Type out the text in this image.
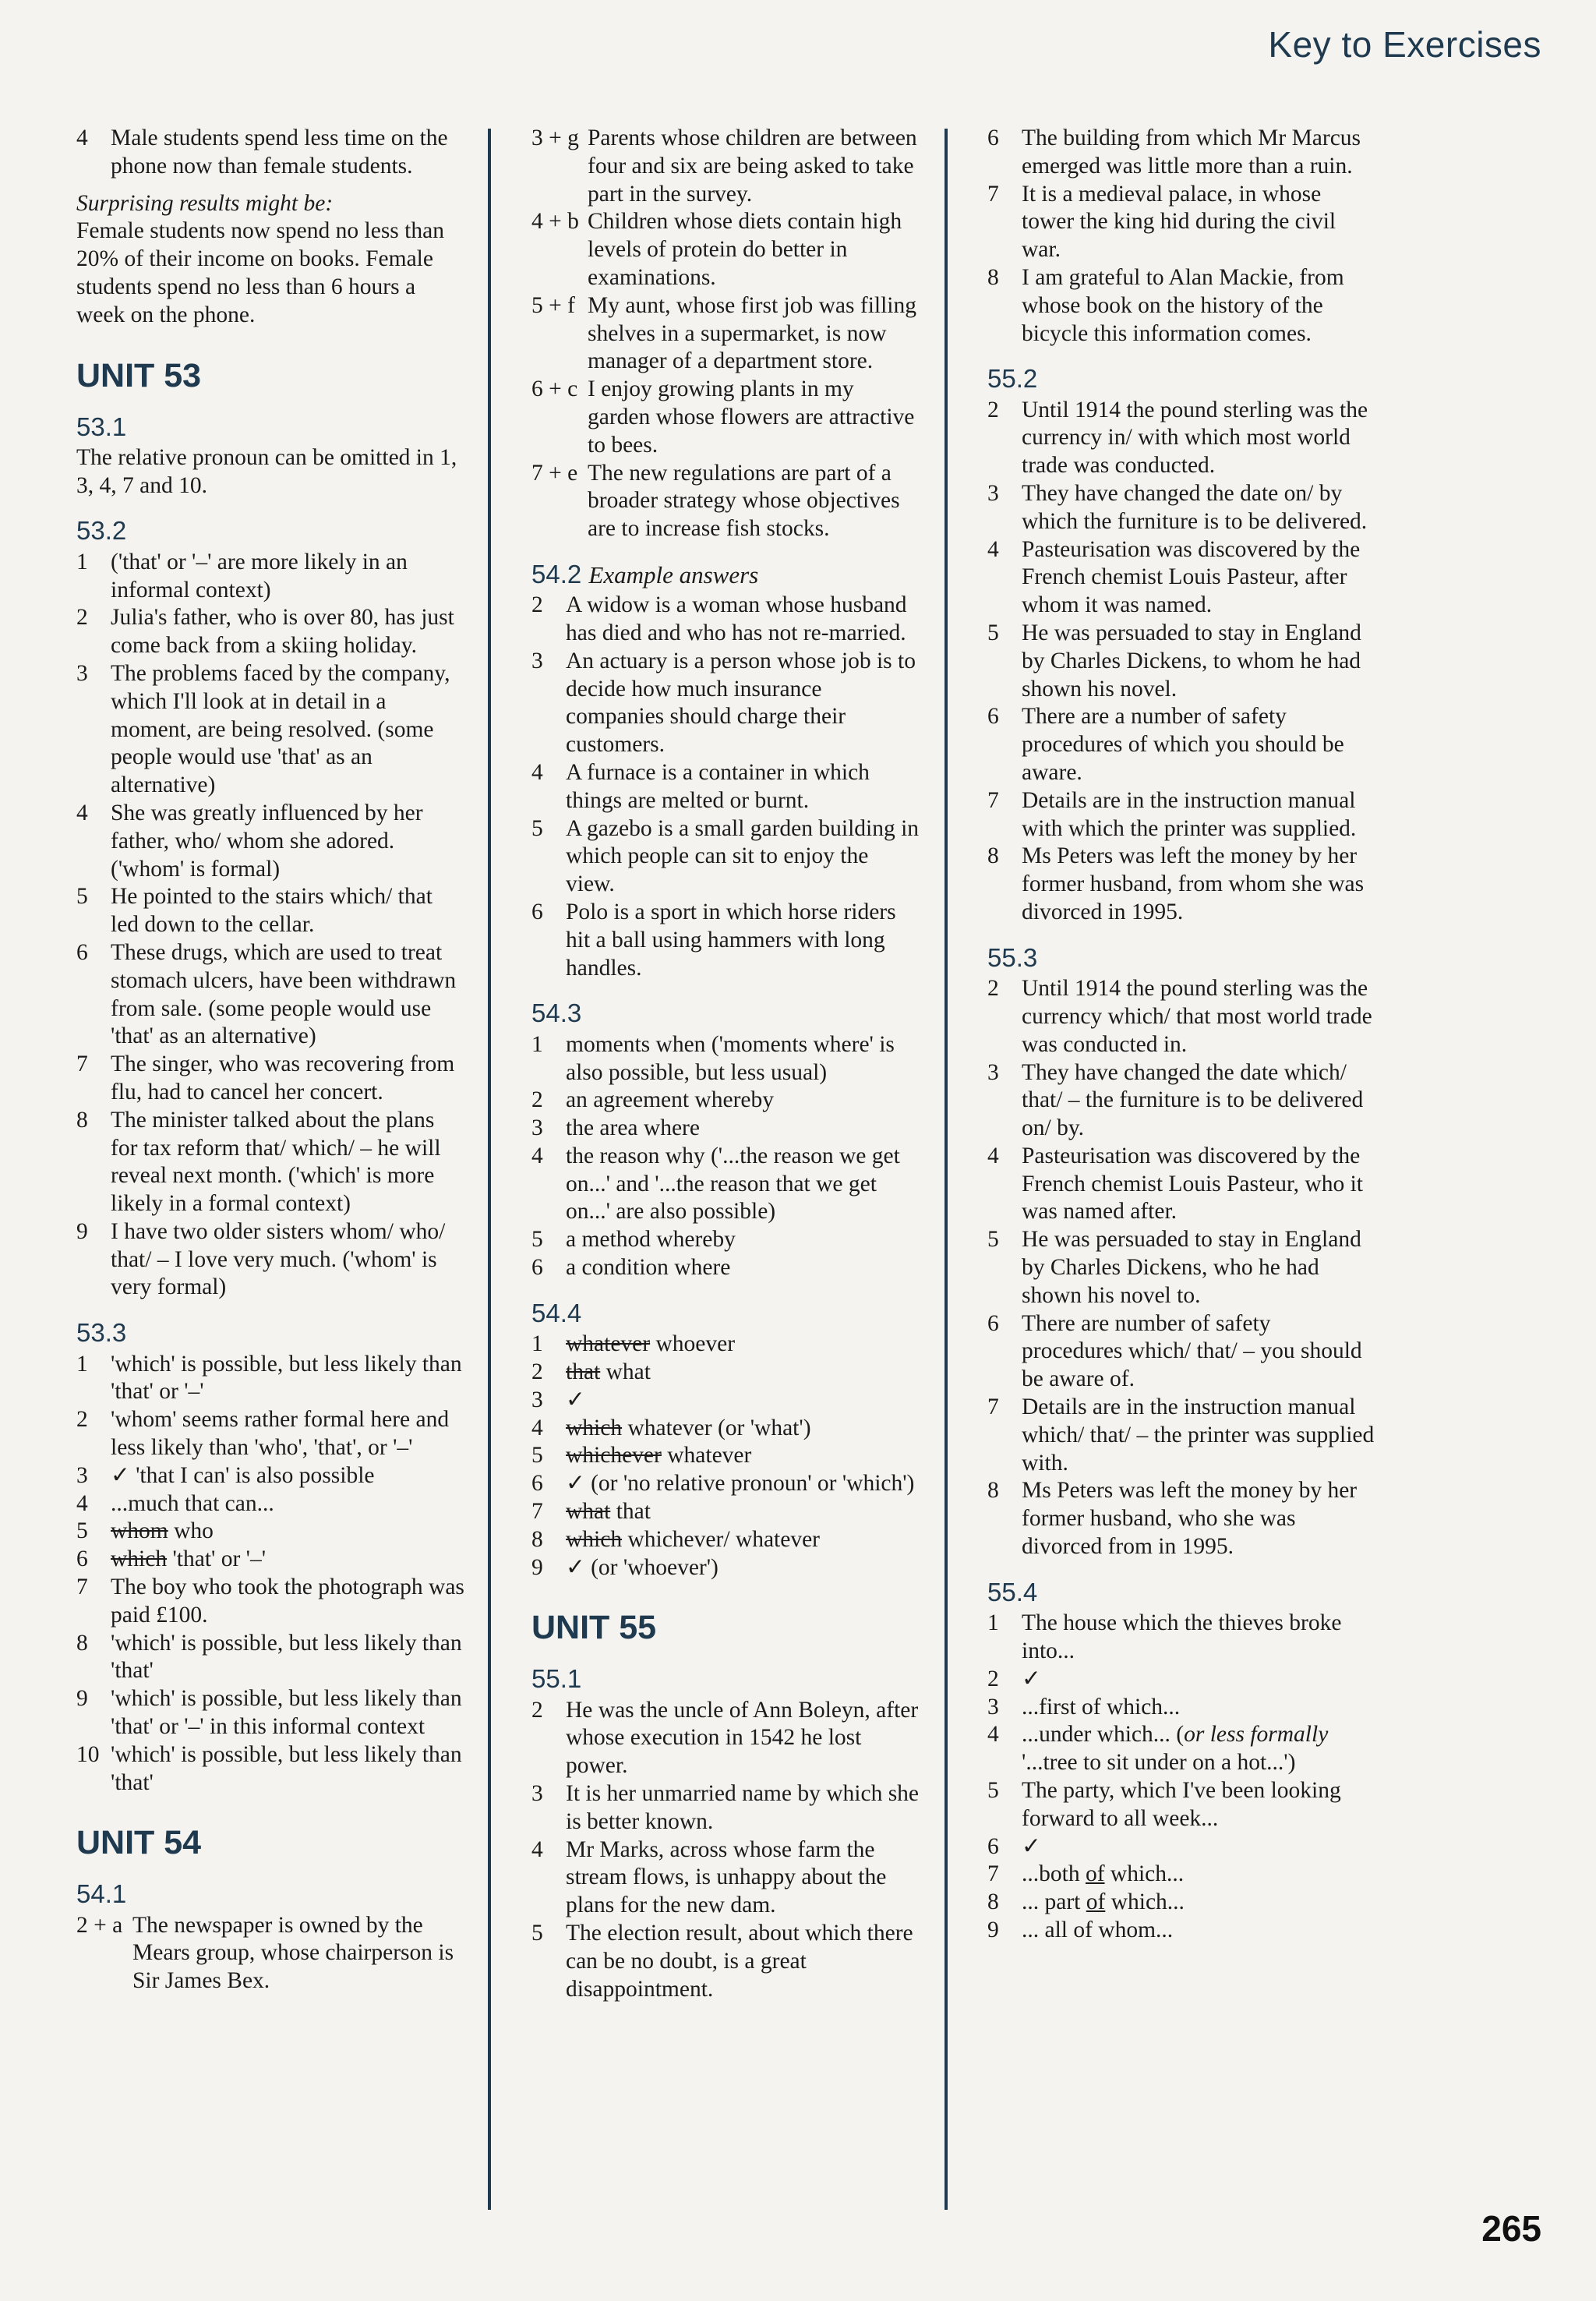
Key to Exercises
4 Male students spend less time on the phone now than female students.
Surprising results might be:
Female students now spend no less than 20% of their income on books. Female students spend no less than 6 hours a week on the phone.
UNIT 53
53.1
The relative pronoun can be omitted in 1, 3, 4, 7 and 10.
53.2
1 ('that' or '–' are more likely in an informal context)
2 Julia's father, who is over 80, has just come back from a skiing holiday.
3 The problems faced by the company, which I'll look at in detail in a moment, are being resolved. (some people would use 'that' as an alternative)
4 She was greatly influenced by her father, who/ whom she adored. ('whom' is formal)
5 He pointed to the stairs which/ that led down to the cellar.
6 These drugs, which are used to treat stomach ulcers, have been withdrawn from sale. (some people would use 'that' as an alternative)
7 The singer, who was recovering from flu, had to cancel her concert.
8 The minister talked about the plans for tax reform that/ which/ – he will reveal next month. ('which' is more likely in a formal context)
9 I have two older sisters whom/ who/ that/ – I love very much. ('whom' is very formal)
53.3
1 'which' is possible, but less likely than 'that' or '–'
2 'whom' seems rather formal here and less likely than 'who', 'that', or '–'
3 ✓ 'that I can' is also possible
4 ...much that can...
5 whom who
6 which 'that' or '–'
7 The boy who took the photograph was paid £100.
8 'which' is possible, but less likely than 'that'
9 'which' is possible, but less likely than 'that' or '–' in this informal context
10 'which' is possible, but less likely than 'that'
UNIT 54
54.1
2 + a The newspaper is owned by the Mears group, whose chairperson is Sir James Bex.
3 + g Parents whose children are between four and six are being asked to take part in the survey.
4 + b Children whose diets contain high levels of protein do better in examinations.
5 + f My aunt, whose first job was filling shelves in a supermarket, is now manager of a department store.
6 + c I enjoy growing plants in my garden whose flowers are attractive to bees.
7 + e The new regulations are part of a broader strategy whose objectives are to increase fish stocks.
54.2 Example answers
2 A widow is a woman whose husband has died and who has not re-married.
3 An actuary is a person whose job is to decide how much insurance companies should charge their customers.
4 A furnace is a container in which things are melted or burnt.
5 A gazebo is a small garden building in which people can sit to enjoy the view.
6 Polo is a sport in which horse riders hit a ball using hammers with long handles.
54.3
1 moments when ('moments where' is also possible, but less usual)
2 an agreement whereby
3 the area where
4 the reason why ('...the reason we get on...' and '...the reason that we get on...' are also possible)
5 a method whereby
6 a condition where
54.4
1 whatever whoever
2 that what
3 ✓
4 which whatever (or 'what')
5 whichever whatever
6 ✓ (or 'no relative pronoun' or 'which')
7 what that
8 which whichever/ whatever
9 ✓ (or 'whoever')
UNIT 55
55.1
2 He was the uncle of Ann Boleyn, after whose execution in 1542 he lost power.
3 It is her unmarried name by which she is better known.
4 Mr Marks, across whose farm the stream flows, is unhappy about the plans for the new dam.
5 The election result, about which there can be no doubt, is a great disappointment.
6 The building from which Mr Marcus emerged was little more than a ruin.
7 It is a medieval palace, in whose tower the king hid during the civil war.
8 I am grateful to Alan Mackie, from whose book on the history of the bicycle this information comes.
55.2
2 Until 1914 the pound sterling was the currency in/ with which most world trade was conducted.
3 They have changed the date on/ by which the furniture is to be delivered.
4 Pasteurisation was discovered by the French chemist Louis Pasteur, after whom it was named.
5 He was persuaded to stay in England by Charles Dickens, to whom he had shown his novel.
6 There are a number of safety procedures of which you should be aware.
7 Details are in the instruction manual with which the printer was supplied.
8 Ms Peters was left the money by her former husband, from whom she was divorced in 1995.
55.3
2 Until 1914 the pound sterling was the currency which/ that most world trade was conducted in.
3 They have changed the date which/ that/ – the furniture is to be delivered on/ by.
4 Pasteurisation was discovered by the French chemist Louis Pasteur, who it was named after.
5 He was persuaded to stay in England by Charles Dickens, who he had shown his novel to.
6 There are number of safety procedures which/ that/ – you should be aware of.
7 Details are in the instruction manual which/ that/ – the printer was supplied with.
8 Ms Peters was left the money by her former husband, who she was divorced from in 1995.
55.4
1 The house which the thieves broke into...
2 ✓
3 ...first of which...
4 ...under which... (or less formally '...tree to sit under on a hot...')
5 The party, which I've been looking forward to all week...
6 ✓
7 ...both of which...
8 ... part of which...
9 ... all of whom...
265
